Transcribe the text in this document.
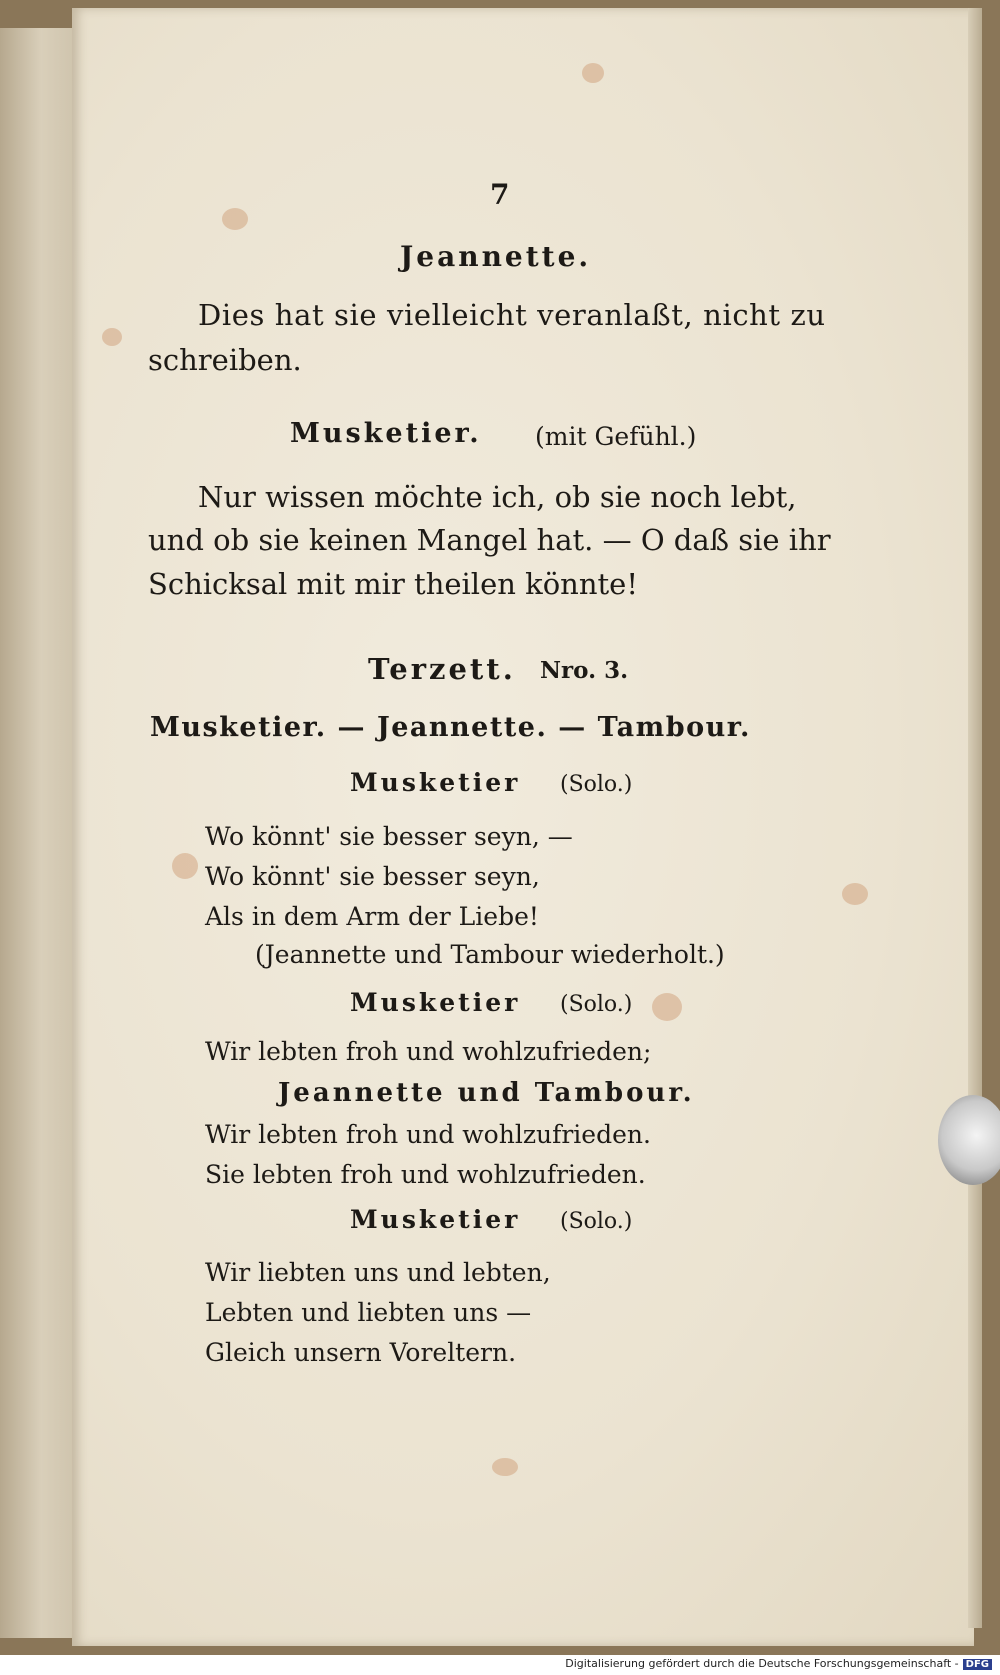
7

Jeannette.

Dies hat sie vielleicht veranlaßt, nicht zu

schreiben.

Musketier. (mit Gefühl.)

Nur wissen möchte ich, ob sie noch lebt,

und ob sie keinen Mangel hat. — O daß sie ihr

Schicksal mit mir theilen könnte!

Terzett. Nro. 3.

Musketier. — Jeannette. — Tambour.

Musketier (Solo.)

Wo könnt' sie besser seyn, —

Wo könnt' sie besser seyn,

Als in dem Arm der Liebe!

(Jeannette und Tambour wiederholt.)

Musketier (Solo.)

Wir lebten froh und wohlzufrieden;

Jeannette und Tambour.

Wir lebten froh und wohlzufrieden.

Sie lebten froh und wohlzufrieden.

Musketier (Solo.)

Wir liebten uns und lebten,

Lebten und liebten uns —

Gleich unsern Voreltern.

Digitalisierung gefördert durch die Deutsche Forschungsgemeinschaft - DFG
